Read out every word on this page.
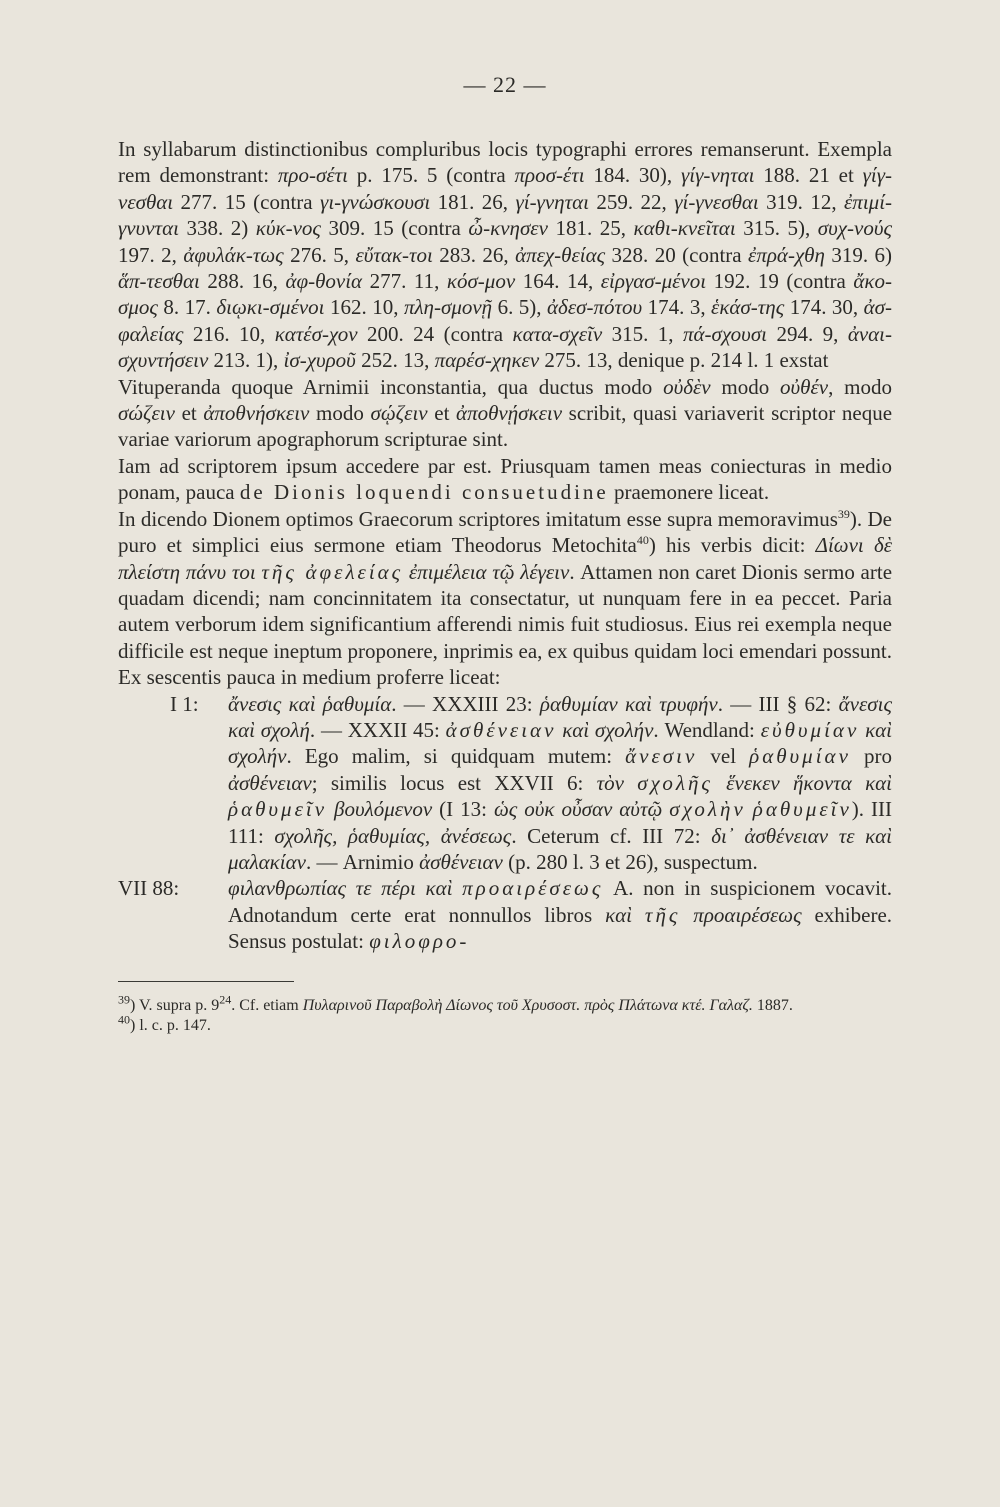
— 22 —

In syllabarum distinctionibus compluribus locis typographi errores remanserunt. Exempla rem demonstrant: προ-σέτι p. 175. 5 (contra προσ-έτι 184. 30), γίγ-νηται 188. 21 et γίγ-νεσθαι 277. 15 (contra γι-γνώσκουσι 181. 26, γί-γνηται 259. 22, γί-γνεσθαι 319. 12, ἐπιμί-γνυνται 338. 2) κύκ-νος 309. 15 (contra ὦ-κνησεν 181. 25, καθι-κνεῖται 315. 5), συχ-νούς 197. 2, ἀφυλάκ-τως 276. 5, εὔτακ-τοι 283. 26, ἀπεχ-θείας 328. 20 (contra ἐπρά-χθη 319. 6) ἅπ-τεσθαι 288. 16, ἀφ-θονία 277. 11, κόσ-μον 164. 14, εἰργασ-μένοι 192. 19 (contra ἄκο-σμος 8. 17. διῳκι-σμένοι 162. 10, πλη-σμονῇ 6. 5), ἀδεσ-πότου 174. 3, ἑκάσ-της 174. 30, ἀσ-φαλείας 216. 10, κατέσ-χον 200. 24 (contra κατα-σχεῖν 315. 1, πά-σχουσι 294. 9, ἀναι-σχυντήσειν 213. 1), ἰσ-χυροῦ 252. 13, παρέσ-χηκεν 275. 13, denique p. 214 l. 1 exstat

Vituperanda quoque Arnimii inconstantia, qua ductus modo οὐδὲν modo οὐθέν, modo σώζειν et ἀποθνήσκειν modo σῴζειν et ἀποθνῄσκειν scribit, quasi variaverit scriptor neque variae variorum apographorum scripturae sint.

Iam ad scriptorem ipsum accedere par est. Priusquam tamen meas coniecturas in medio ponam, pauca de Dionis loquendi consuetudine praemonere liceat.

In dicendo Dionem optimos Graecorum scriptores imitatum esse supra memoravimus$^{39}$). De puro et simplici eius sermone etiam Theodorus Metochita$^{40}$) his verbis dicit: Δίωνι δὲ πλείστη πάνυ τοι τῆς ἀφελείας ἐπιμέλεια τῷ λέγειν. Attamen non caret Dionis sermo arte quadam dicendi; nam concinnitatem ita consectatur, ut nunquam fere in ea peccet. Paria autem verborum idem significantium afferendi nimis fuit studiosus. Eius rei exempla neque difficile est neque ineptum proponere, inprimis ea, ex quibus quidam loci emendari possunt. Ex sescentis pauca in medium proferre liceat:

I 1:	ἄνεσις καὶ ῥαθυμία. — XXXIII 23: ῥαθυμίαν καὶ τρυφήν. — III § 62: ἄνεσις καὶ σχολή. — XXXII 45: ἀσθένειαν καὶ σχολήν. Wendland: εὐθυμίαν καὶ σχολήν. Ego malim, si quidquam mutem: ἄνεσιν vel ῥαθυμίαν pro ἀσθένειαν; similis locus est XXVII 6: τὸν σχολῆς ἕνεκεν ἥκοντα καὶ ῥαθυμεῖν βουλόμενον (I 13: ὡς οὐκ οὖσαν αὐτῷ σχολὴν ῥαθυμεῖν). III 111: σχολῆς, ῥαθυμίας, ἀνέσεως. Ceterum cf. III 72: δι᾽ ἀσθένειαν τε καὶ μαλακίαν. — Arnimio ἀσθένειαν (p. 280 l. 3 et 26), suspectum.
VII 88:	φιλανθρωπίας τε πέρι καὶ προαιρέσεως A. non in suspicionem vocavit. Adnotandum certe erat nonnullos libros καὶ τῆς προαιρέσεως exhibere. Sensus postulat: φιλοφρο-

$^{39}$) V. supra p. $9^{24}$. Cf. etiam Πυλαρινοῦ Παραβολὴ Δίωνος τοῦ Χρυσοστ. πρὸς Πλάτωνα κτέ. Γαλαζ. 1887.

$^{40}$) l. c. p. 147.
